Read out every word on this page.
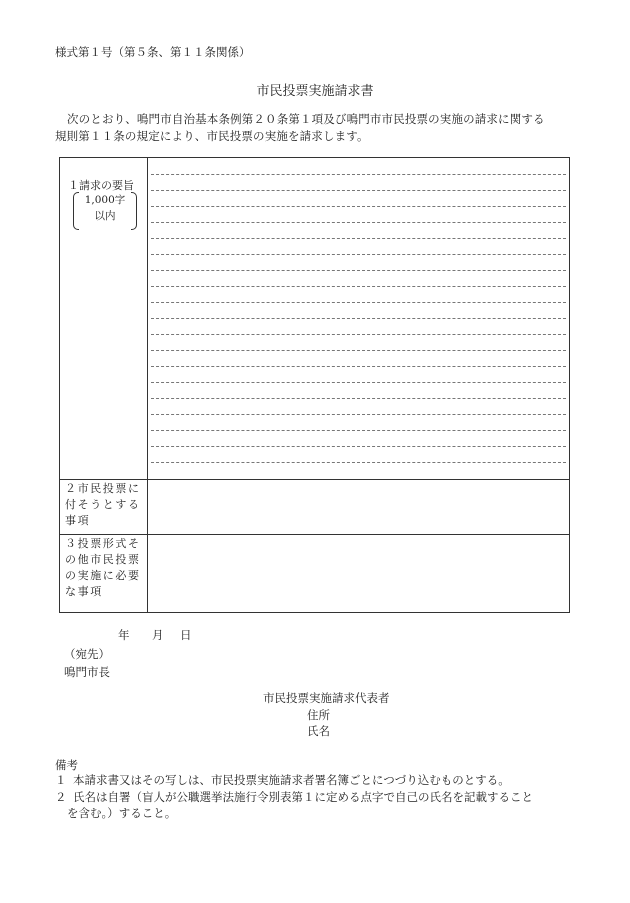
様式第１号（第５条、第１１条関係）
市民投票実施請求書
次のとおり、鳴門市自治基本条例第２０条第１項及び鳴門市市民投票の実施の請求に関する
規則第１１条の規定により、市民投票の実施を請求します。
１請求の要旨
1,000字
以内
２市民投票に
付そうとする
事項
３投票形式そ
の他市民投票
の実施に必要
な事項
年 月 日
（宛先）
鳴門市長
市民投票実施請求代表者
住所
氏名
備考
１ 本請求書又はその写しは、市民投票実施請求者署名簿ごとにつづり込むものとする。
２ 氏名は自署（盲人が公職選挙法施行令別表第１に定める点字で自己の氏名を記載すること
を含む。）すること。
